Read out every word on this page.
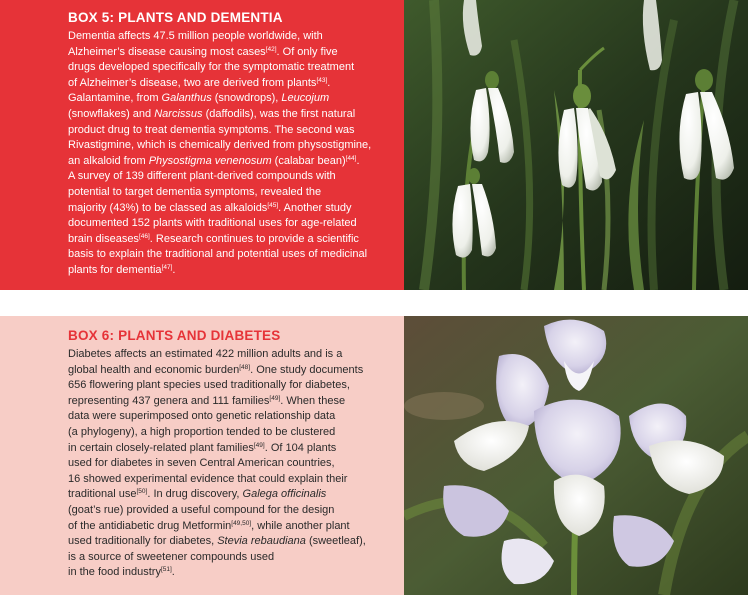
BOX 5: PLANTS AND DEMENTIA
Dementia affects 47.5 million people worldwide, with
Alzheimer’s disease causing most cases[42]. Of only five
drugs developed specifically for the symptomatic treatment
of Alzheimer’s disease, two are derived from plants[43].
Galantamine, from Galanthus (snowdrops), Leucojum
(snowflakes) and Narcissus (daffodils), was the first natural
product drug to treat dementia symptoms. The second was
Rivastigmine, which is chemically derived from physostigmine,
an alkaloid from Physostigma venenosum (calabar bean)[44].
A survey of 139 different plant-derived compounds with
potential to target dementia symptoms, revealed the
majority (43%) to be classed as alkaloids[45]. Another study
documented 152 plants with traditional uses for age-related
brain diseases[46]. Research continues to provide a scientific
basis to explain the traditional and potential uses of medicinal
plants for dementia[47].
BOX 6: PLANTS AND DIABETES
Diabetes affects an estimated 422 million adults and is a
global health and economic burden[48]. One study documents
656 flowering plant species used traditionally for diabetes,
representing 437 genera and 111 families[49]. When these
data were superimposed onto genetic relationship data
(a phylogeny), a high proportion tended to be clustered
in certain closely-related plant families[49]. Of 104 plants
used for diabetes in seven Central American countries,
16 showed experimental evidence that could explain their
traditional use[50]. In drug discovery, Galega officinalis
(goat’s rue) provided a useful compound for the design
of the antidiabetic drug Metformin[49,50], while another plant
used traditionally for diabetes, Stevia rebaudiana (sweetleaf),
is a source of sweetener compounds used
in the food industry[51].
